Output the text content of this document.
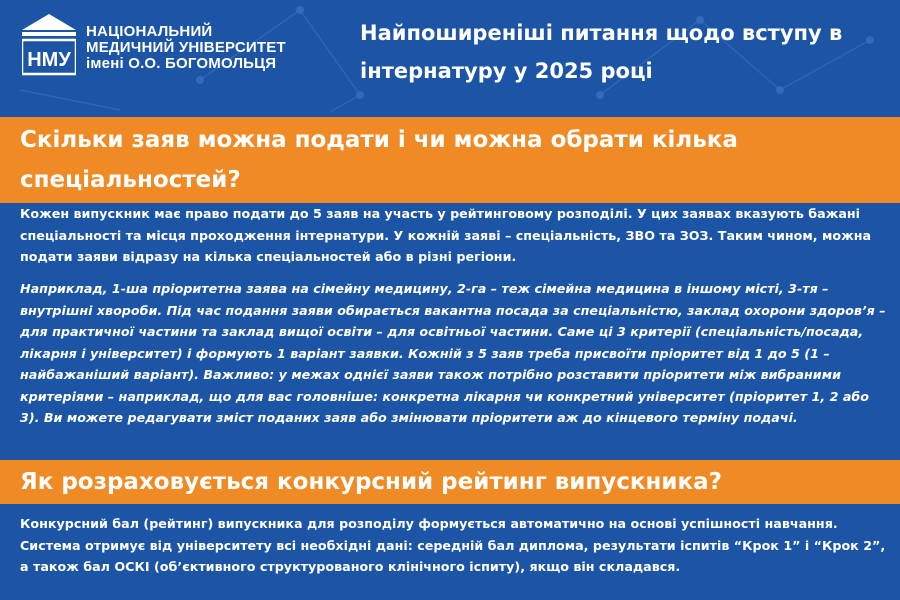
НМУ
НАЦІОНАЛЬНИЙ
МЕДИЧНИЙ УНІВЕРСИТЕТ
імені О.О. БОГОМОЛЬЦЯ
Найпоширеніші питання щодо вступу в інтернатуру у 2025 році
Скільки заяв можна подати і чи можна обрати кілька спеціальностей?

Кожен випускник має право подати до 5 заяв на участь у рейтинговому розподілі. У цих заявах вказують бажані спеціальності та місця проходження інтернатури. У кожній заяві – спеціальність, ЗВО та ЗОЗ. Таким чином, можна подати заяви відразу на кілька спеціальностей або в різні регіони.

Наприклад, 1-ша пріоритетна заява на сімейну медицину, 2-га – теж сімейна медицина в іншому місті, 3-тя – внутрішні хвороби. Під час подання заяви обирається вакантна посада за спеціальністю, заклад охорони здоров’я – для практичної частини та заклад вищої освіти – для освітньої частини. Саме ці 3 критерії (спеціальність/посада, лікарня і університет) і формують 1 варіант заявки. Кожній з 5 заяв треба присвоїти пріоритет від 1 до 5 (1 – найбажаніший варіант). Важливо: у межах однієї заяви також потрібно розставити пріоритети між вибраними критеріями – наприклад, що для вас головніше: конкретна лікарня чи конкретний університет (пріоритет 1, 2 або 3). Ви можете редагувати зміст поданих заяв або змінювати пріоритети аж до кінцевого терміну подачі.

Як розраховується конкурсний рейтинг випускника?

Конкурсний бал (рейтинг) випускника для розподілу формується автоматично на основі успішності навчання. Система отримує від університету всі необхідні дані: середній бал диплома, результати іспитів “Крок 1” і “Крок 2”, а також бал ОСКІ (об’єктивного структурованого клінічного іспиту), якщо він складався.
